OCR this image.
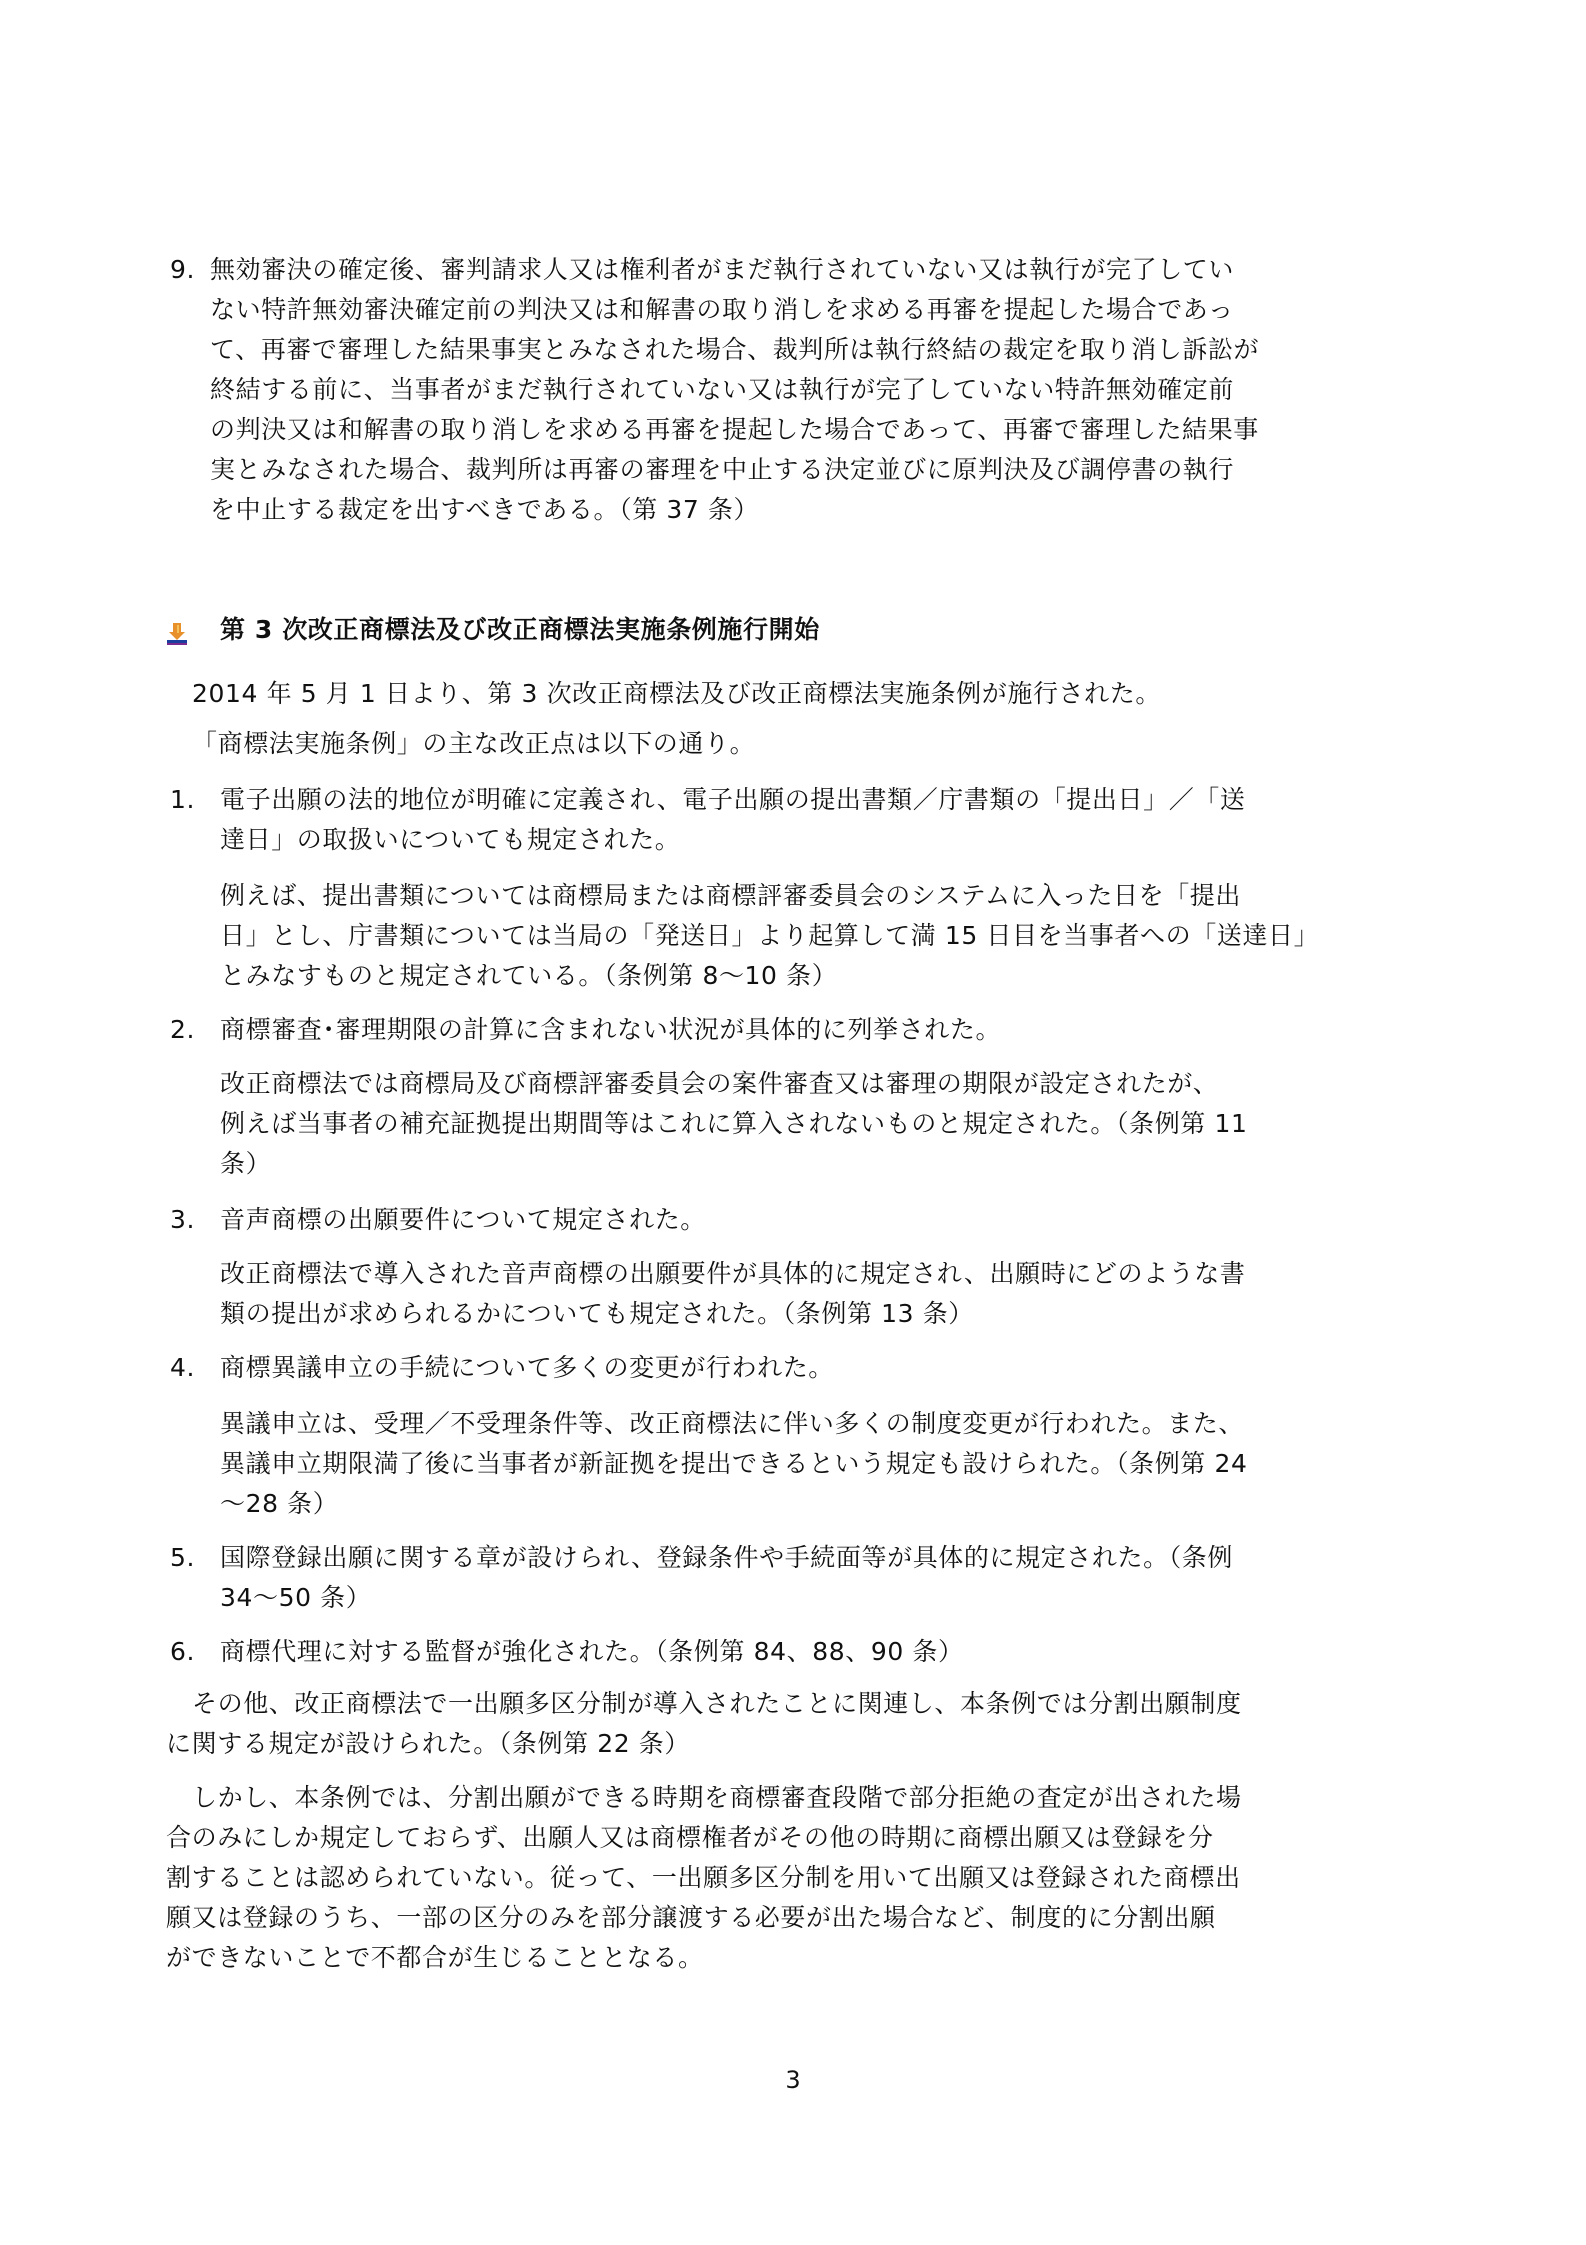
9. 無効審決の確定後、審判請求人又は権利者がまだ執行されていない又は執行が完了してい
ない特許無効審決確定前の判決又は和解書の取り消しを求める再審を提起した場合であっ
て、再審で審理した結果事実とみなされた場合、裁判所は執行終結の裁定を取り消し訴訟が
終結する前に、当事者がまだ執行されていない又は執行が完了していない特許無効確定前
の判決又は和解書の取り消しを求める再審を提起した場合であって、再審で審理した結果事
実とみなされた場合、裁判所は再審の審理を中止する決定並びに原判決及び調停書の執行
を中止する裁定を出すべきである。（第 37 条）
第 3 次改正商標法及び改正商標法実施条例施行開始
2014 年 5 月 1 日より、第 3 次改正商標法及び改正商標法実施条例が施行された。
「商標法実施条例」の主な改正点は以下の通り。
1. 電子出願の法的地位が明確に定義され、電子出願の提出書類／庁書類の「提出日」／「送
達日」の取扱いについても規定された。
例えば、提出書類については商標局または商標評審委員会のシステムに入った日を「提出
日」とし、庁書類については当局の「発送日」より起算して満 15 日目を当事者への「送達日」
とみなすものと規定されている。（条例第 8～10 条）
2. 商標審査･審理期限の計算に含まれない状況が具体的に列挙された。
改正商標法では商標局及び商標評審委員会の案件審査又は審理の期限が設定されたが、
例えば当事者の補充証拠提出期間等はこれに算入されないものと規定された。（条例第 11
条）
3. 音声商標の出願要件について規定された。
改正商標法で導入された音声商標の出願要件が具体的に規定され、出願時にどのような書
類の提出が求められるかについても規定された。（条例第 13 条）
4. 商標異議申立の手続について多くの変更が行われた。
異議申立は、受理／不受理条件等、改正商標法に伴い多くの制度変更が行われた。また、
異議申立期限満了後に当事者が新証拠を提出できるという規定も設けられた。（条例第 24
～28 条）
5. 国際登録出願に関する章が設けられ、登録条件や手続面等が具体的に規定された。（条例
34～50 条）
6. 商標代理に対する監督が強化された。（条例第 84、88、90 条）
その他、改正商標法で一出願多区分制が導入されたことに関連し、本条例では分割出願制度
に関する規定が設けられた。（条例第 22 条）
しかし、本条例では、分割出願ができる時期を商標審査段階で部分拒絶の査定が出された場
合のみにしか規定しておらず、出願人又は商標権者がその他の時期に商標出願又は登録を分
割することは認められていない。従って、一出願多区分制を用いて出願又は登録された商標出
願又は登録のうち、一部の区分のみを部分譲渡する必要が出た場合など、制度的に分割出願
ができないことで不都合が生じることとなる。
3
